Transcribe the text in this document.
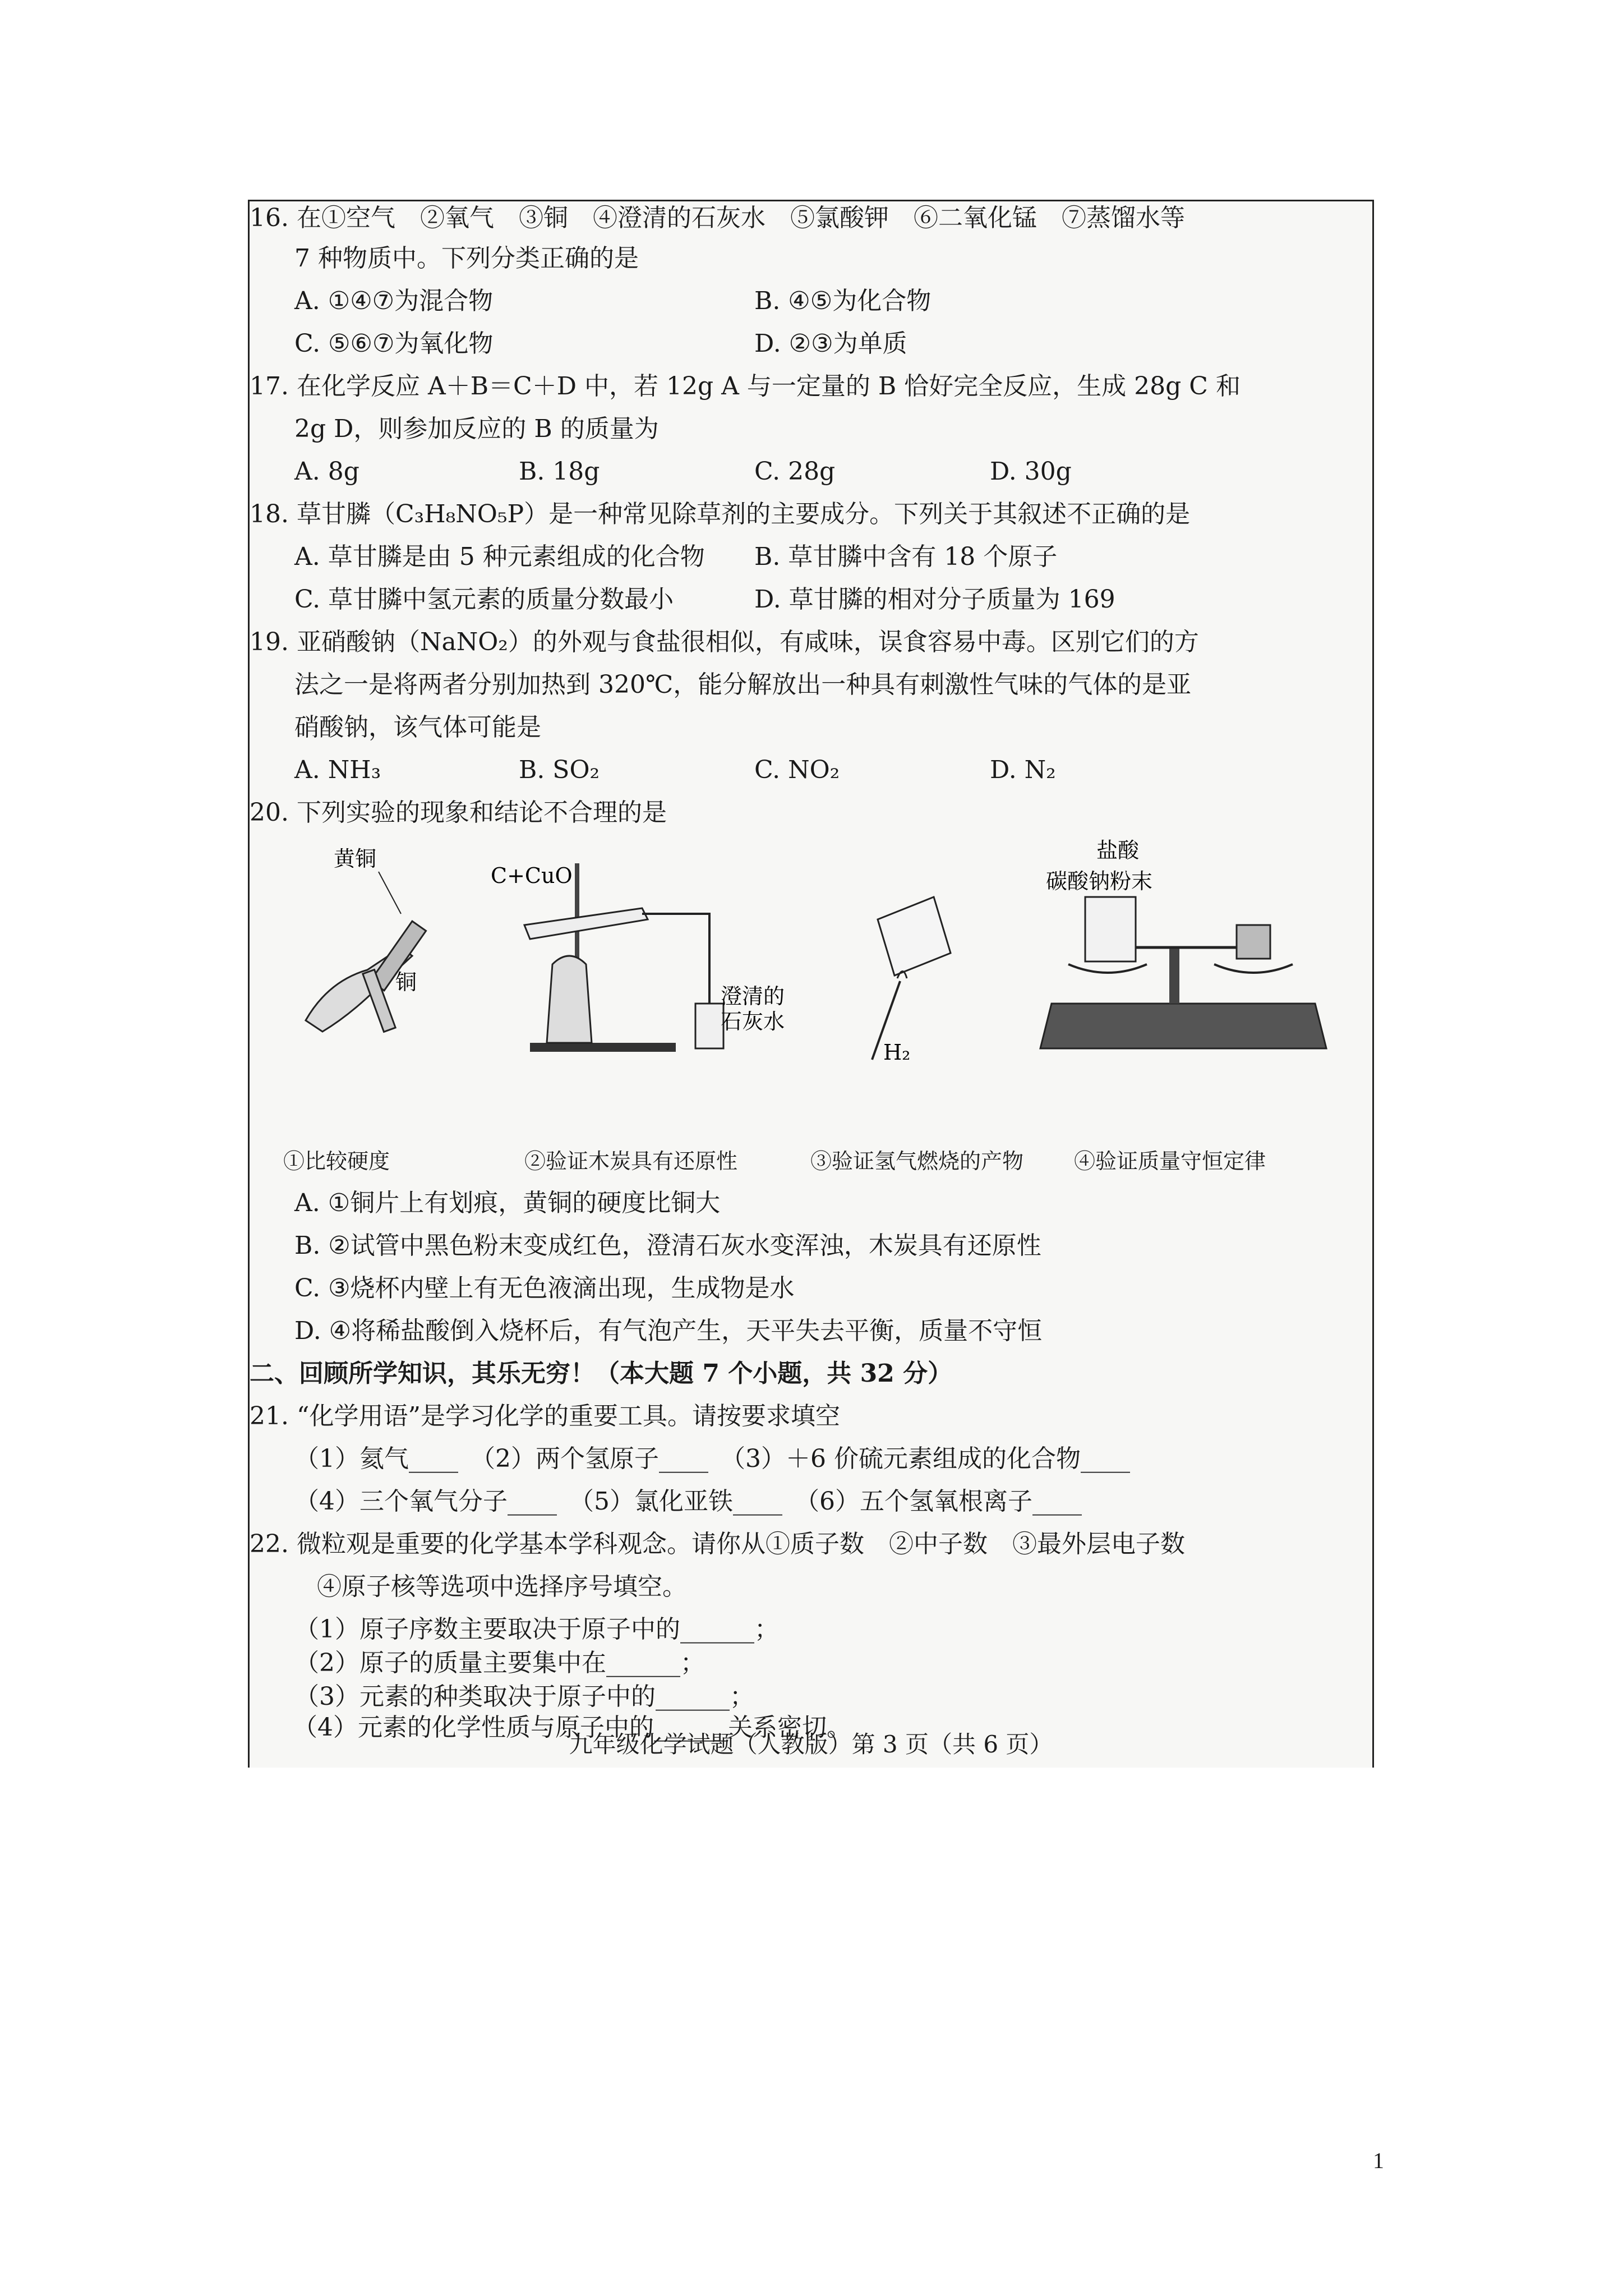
16. 在①空气　②氧气　③铜　④澄清的石灰水　⑤氯酸钾　⑥二氧化锰　⑦蒸馏水等
7 种物质中。下列分类正确的是
A. ①④⑦为混合物	B. ④⑤为化合物
C. ⑤⑥⑦为氧化物	D. ②③为单质
17. 在化学反应 A＋B＝C＋D 中，若 12g A 与一定量的 B 恰好完全反应，生成 28g C 和
2g D，则参加反应的 B 的质量为
A. 8g	B. 18g	C. 28g	D. 30g
18. 草甘膦（C₃H₈NO₅P）是一种常见除草剂的主要成分。下列关于其叙述不正确的是
A. 草甘膦是由 5 种元素组成的化合物 B. 草甘膦中含有 18 个原子
C. 草甘膦中氢元素的质量分数最小	D. 草甘膦的相对分子质量为 169
19. 亚硝酸钠（NaNO₂）的外观与食盐很相似，有咸味，误食容易中毒。区别它们的方
法之一是将两者分别加热到 320℃，能分解放出一种具有刺激性气味的气体的是亚
硝酸钠，该气体可能是
A. NH₃	B. SO₂	C. NO₂	D. N₂
20. 下列实验的现象和结论不合理的是
黄铜
铜
C+CuO
澄清的
石灰水
H₂
盐酸
碳酸钠粉末
①比较硬度	②验证木炭具有还原性	③验证氢气燃烧的产物 ④验证质量守恒定律
A. ①铜片上有划痕，黄铜的硬度比铜大
B. ②试管中黑色粉末变成红色，澄清石灰水变浑浊，木炭具有还原性
C. ③烧杯内壁上有无色液滴出现，生成物是水
D. ④将稀盐酸倒入烧杯后，有气泡产生，天平失去平衡，质量不守恒
二、回顾所学知识，其乐无穷！（本大题 7 个小题，共 32 分）
21. “化学用语”是学习化学的重要工具。请按要求填空
（1）氦气____　（2）两个氢原子____　（3）＋6 价硫元素组成的化合物____
（4）三个氧气分子____　（5）氯化亚铁____　（6）五个氢氧根离子____
22. 微粒观是重要的化学基本学科观念。请你从①质子数　②中子数　③最外层电子数
④原子核等选项中选择序号填空。
（1）原子序数主要取决于原子中的______；
（2）原子的质量主要集中在______；
（3）元素的种类取决于原子中的______；
九年级化学试题（人教版）第 3 页（共 6 页）
（4）元素的化学性质与原子中的______关系密切。
1
